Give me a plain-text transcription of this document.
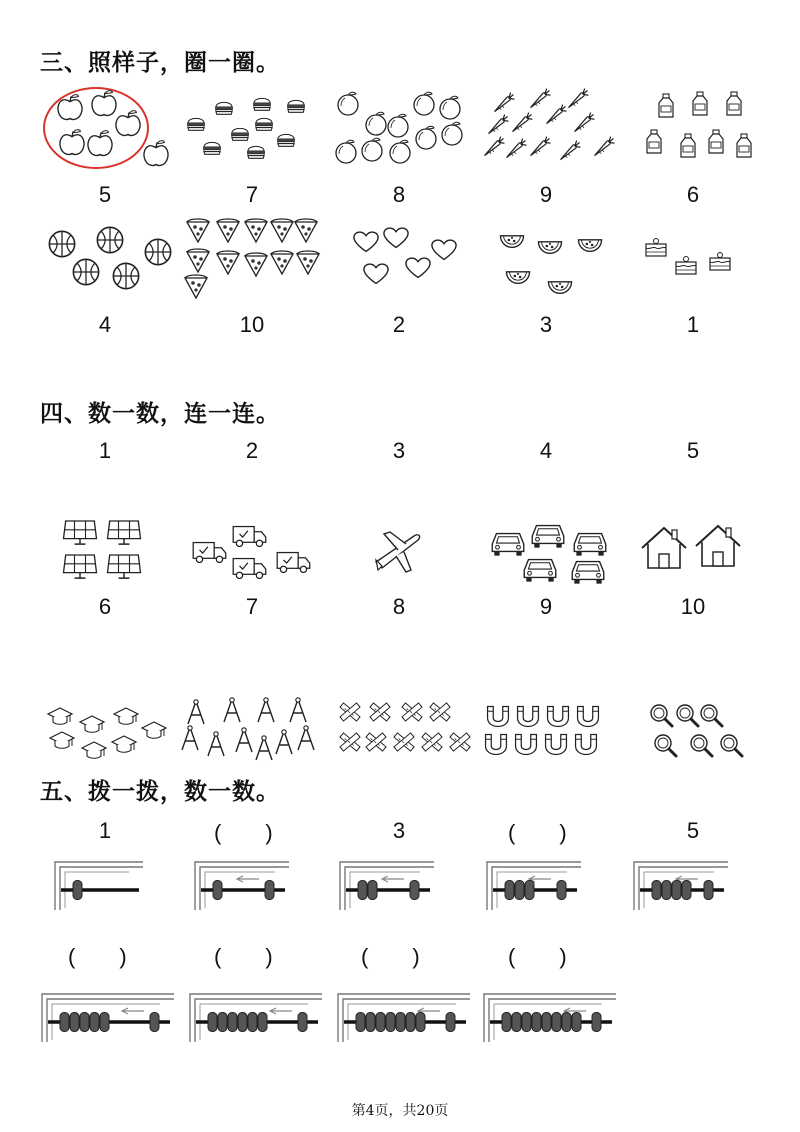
三、照样子，圈一圈。
5	7	8	9	6
4	10	2	3	1
四、数一数，连一连。
1	2	3	4	5
6	7	8	9	10
五、拨一拨，数一数。
1	(　　)	3	(　　)	5
(　　)	(　　)	(　　)	(　　)
第4页，共20页
